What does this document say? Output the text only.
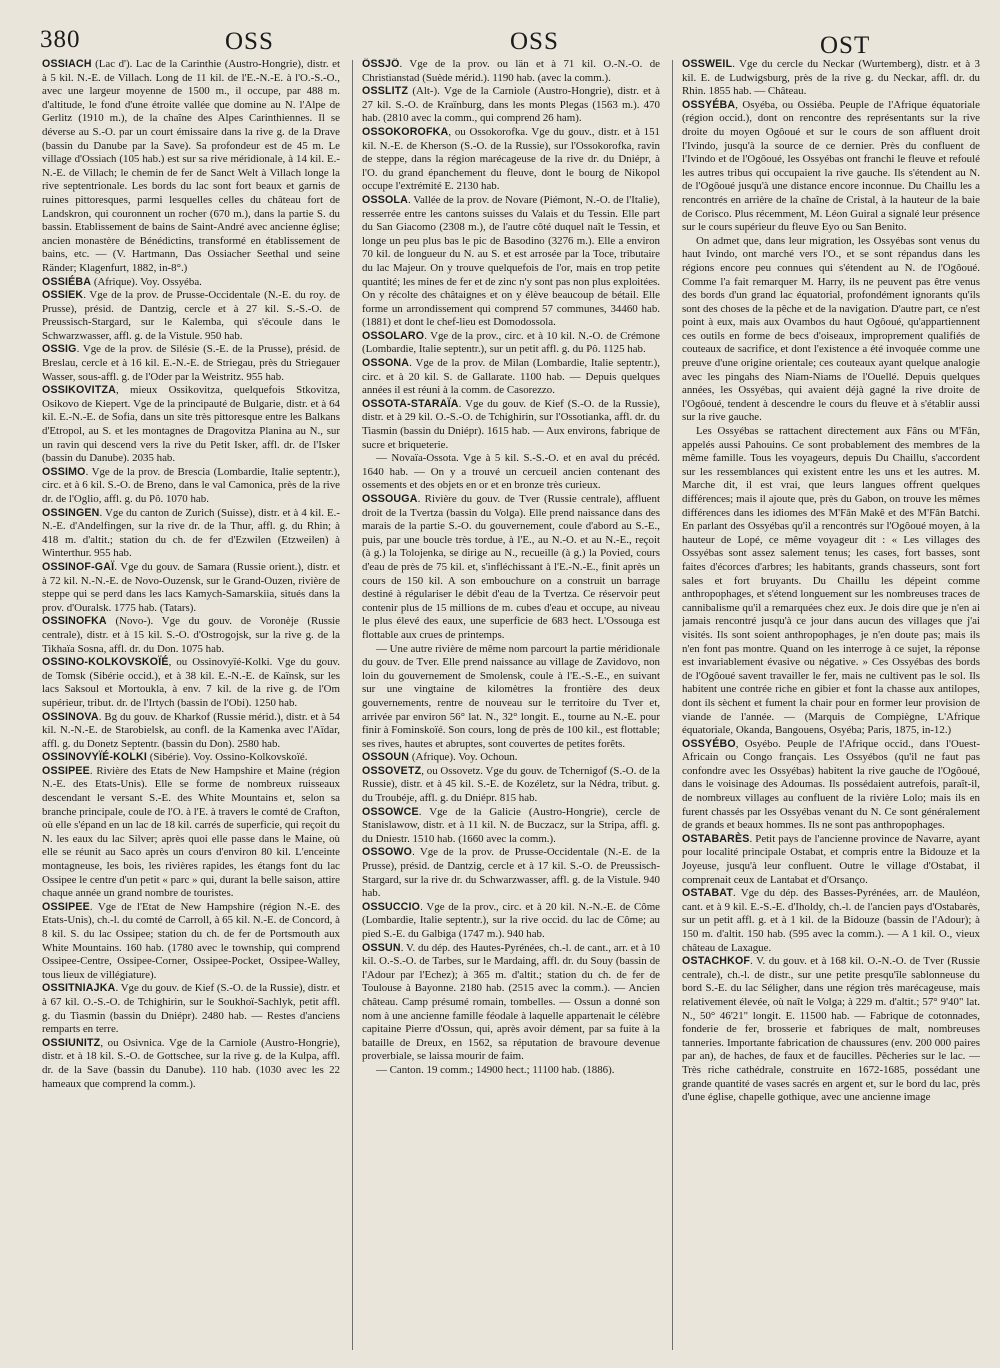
380	OSS	OSS	OST

OSSIACH (Lac d'). Lac de la Carinthie (Austro-Hongrie), distr. et à 5 kil. N.-E. de Villach. Long de 11 kil. de l'E.-N.-E. à l'O.-S.-O., avec une largeur moyenne de 1500 m., il occupe, par 488 m. d'altitude, le fond d'une étroite vallée que domine au N. l'Alpe de Gerlitz (1910 m.), de la chaîne des Alpes Carinthiennes. Il se déverse au S.-O. par un court émissaire dans la rive g. de la Drave (bassin du Danube par la Save). Sa profondeur est de 45 m. Le village d'Ossiach (105 hab.) est sur sa rive méridionale, à 14 kil. E.-N.-E. de Villach; le chemin de fer de Sanct Welt à Villach longe la rive septentrionale. Les bords du lac sont fort beaux et garnis de ruines pittoresques, parmi lesquelles celles du château fort de Landskron, qui couronnent un rocher (670 m.), dans la partie S. du bassin. Etablissement de bains de Saint-André avec ancienne église; ancien monastère de Bénédictins, transformé en établissement de bains, etc. — (V. Hartmann, Das Ossiacher Seethal und seine Ränder; Klagenfurt, 1882, in-8°.)

OSSIÉBA (Afrique). Voy. Ossyéba.

OSSIEK. Vge de la prov. de Prusse-Occidentale (N.-E. du roy. de Prusse), présid. de Dantzig, cercle et à 27 kil. S.-S.-O. de Preussisch-Stargard, sur le Kalemba, qui s'écoule dans le Schwarzwasser, affl. g. de la Vistule. 950 hab.

OSSIG. Vge de la prov. de Silésie (S.-E. de la Prusse), présid. de Breslau, cercle et à 16 kil. E.-N.-E. de Striegau, près du Striegauer Wasser, sous-affl. g. de l'Oder par la Weistritz. 955 hab.

OSSIKOVITZA, mieux Ossikovitza, quelquefois Stkovitza, Osikovo de Kiepert. Vge de la principauté de Bulgarie, distr. et à 64 kil. E.-N.-E. de Sofia, dans un site très pittoresque entre les Balkans d'Etropol, au S. et les montagnes de Dragovitza Planina au N., sur un ravin qui descend vers la rive du Petit Isker, affl. dr. de l'Isker (bassin du Danube). 2035 hab.

OSSIMO. Vge de la prov. de Brescia (Lombardie, Italie septentr.), circ. et à 6 kil. S.-O. de Breno, dans le val Camonica, près de la rive dr. de l'Oglio, affl. g. du Pô. 1070 hab.

OSSINGEN. Vge du canton de Zurich (Suisse), distr. et à 4 kil. E.-N.-E. d'Andelfingen, sur la rive dr. de la Thur, affl. g. du Rhin; à 418 m. d'altit.; station du ch. de fer d'Ezwilen (Etzweilen) à Winterthur. 955 hab.

OSSINOF-GAÏ. Vge du gouv. de Samara (Russie orient.), distr. et à 72 kil. N.-N.-E. de Novo-Ouzensk, sur le Grand-Ouzen, rivière de steppe qui se perd dans les lacs Kamych-Samarskiia, situés dans la prov. d'Ouralsk. 1775 hab. (Tatars).

OSSINOFKA (Novo-). Vge du gouv. de Voronèje (Russie centrale), distr. et à 15 kil. S.-O. d'Ostrogojsk, sur la rive g. de la Tikhaïa Sosna, affl. dr. du Don. 1075 hab.

OSSINO-KOLKOVSKOÏÉ, ou Ossinovyïé-Kolki. Vge du gouv. de Tomsk (Sibérie occid.), et à 38 kil. E.-N.-E. de Kaïnsk, sur les lacs Saksoul et Mortoukla, à env. 7 kil. de la rive g. de l'Om supérieur, tribut. dr. de l'Irtych (bassin de l'Obi). 1250 hab.

OSSINOVA. Bg du gouv. de Kharkof (Russie mérid.), distr. et à 54 kil. N.-N.-E. de Starobielsk, au confl. de la Kamenka avec l'Aïdar, affl. g. du Donetz Septentr. (bassin du Don). 2580 hab.

OSSINOVYÏÉ-KOLKI (Sibérie). Voy. Ossino-Kolkovskoïé.

OSSIPEE. Rivière des Etats de New Hampshire et Maine (région N.-E. des Etats-Unis). Elle se forme de nombreux ruisseaux descendant le versant S.-E. des White Mountains et, selon sa branche principale, coule de l'O. à l'E. à travers le comté de Crafton, où elle s'épand en un lac de 18 kil. carrés de superficie, qui reçoit du N. les eaux du lac Silver; après quoi elle passe dans le Maine, où elle se réunit au Saco après un cours d'environ 80 kil. L'enceinte montagneuse, les bois, les rivières rapides, les étangs font du lac Ossipee le centre d'un petit « parc » qui, durant la belle saison, attire chaque année un grand nombre de touristes.

OSSIPEE. Vge de l'Etat de New Hampshire (région N.-E. des Etats-Unis), ch.-l. du comté de Carroll, à 65 kil. N.-E. de Concord, à 8 kil. S. du lac Ossipee; station du ch. de fer de Portsmouth aux White Mountains. 160 hab. (1780 avec le township, qui comprend Ossipee-Centre, Ossipee-Corner, Ossipee-Pocket, Ossipee-Walley, tous lieux de villégiature).

OSSITNIAJKA. Vge du gouv. de Kief (S.-O. de la Russie), distr. et à 67 kil. O.-S.-O. de Tchighirin, sur le Soukhoï-Sachlyk, petit affl. g. du Tiasmin (bassin du Dniépr). 2480 hab. — Restes d'anciens remparts en terre.

OSSIUNITZ, ou Osivnica. Vge de la Carniole (Austro-Hongrie), distr. et à 18 kil. S.-O. de Gottschee, sur la rive g. de la Kulpa, affl. dr. de la Save (bassin du Danube). 110 hab. (1030 avec les 22 hameaux que comprend la comm.).

ÖSSJÖ. Vge de la prov. ou län et à 71 kil. O.-N.-O. de Christianstad (Suède mérid.). 1190 hab. (avec la comm.).

OSSLITZ (Alt-). Vge de la Carniole (Austro-Hongrie), distr. et à 27 kil. S.-O. de Kraïnburg, dans les monts Plegas (1563 m.). 470 hab. (2810 avec la comm., qui comprend 26 ham).

OSSOKOROFKA, ou Ossokorofka. Vge du gouv., distr. et à 151 kil. N.-E. de Kherson (S.-O. de la Russie), sur l'Ossokorofka, ravin de steppe, dans la région marécageuse de la rive dr. du Dniépr, à l'O. du grand épanchement du fleuve, dont le bourg de Nikopol occupe l'extrémité E. 2130 hab.

OSSOLA. Vallée de la prov. de Novare (Piémont, N.-O. de l'Italie), resserrée entre les cantons suisses du Valais et du Tessin. Elle part du San Giacomo (2308 m.), de l'autre côté duquel naît le Tessin, et longe un peu plus bas le pic de Basodino (3276 m.). Elle a environ 70 kil. de longueur du N. au S. et est arrosée par la Toce, tributaire du lac Majeur. On y trouve quelquefois de l'or, mais en trop petite quantité; les mines de fer et de zinc n'y sont pas non plus exploitées. On y récolte des châtaignes et on y élève beaucoup de bétail. Elle forme un arrondissement qui comprend 57 communes, 34460 hab. (1881) et dont le chef-lieu est Domodossola.

OSSOLARO. Vge de la prov., circ. et à 10 kil. N.-O. de Crémone (Lombardie, Italie septentr.), sur un petit affl. g. du Pô. 1125 hab.

OSSONA. Vge de la prov. de Milan (Lombardie, Italie septentr.), circ. et à 20 kil. S. de Gallarate. 1100 hab. — Depuis quelques années il est réuni à la comm. de Casorezzo.

OSSOTA-STARAÏA. Vge du gouv. de Kief (S.-O. de la Russie), distr. et à 29 kil. O.-S.-O. de Tchighirin, sur l'Ossotianka, affl. dr. du Tiasmin (bassin du Dniépr). 1615 hab. — Aux environs, fabrique de sucre et briqueterie.

— Novaïa-Ossota. Vge à 5 kil. S.-S.-O. et en aval du précéd. 1640 hab. — On y a trouvé un cercueil ancien contenant des ossements et des objets en or et en bronze très curieux.

OSSOUGA. Rivière du gouv. de Tver (Russie centrale), affluent droit de la Tvertza (bassin du Volga). Elle prend naissance dans des marais de la partie S.-O. du gouvernement, coule d'abord au S.-E., puis, par une boucle très tordue, à l'E., au N.-O. et au N.-E., reçoit (à g.) la Tolojenka, se dirige au N., recueille (à g.) la Povied, cours d'eau de près de 75 kil. et, s'infléchissant à l'E.-N.-E., finit après un cours de 150 kil. A son embouchure on a construit un barrage destiné à régulariser le débit d'eau de la Tvertza. Ce réservoir peut contenir plus de 15 millions de m. cubes d'eau et occupe, au niveau le plus élevé des eaux, une superficie de 683 hect. L'Ossouga est flottable aux crues de printemps.

— Une autre rivière de même nom parcourt la partie méridionale du gouv. de Tver. Elle prend naissance au village de Zavidovo, non loin du gouvernement de Smolensk, coule à l'E.-S.-E., en suivant sur une vingtaine de kilomètres la frontière des deux gouvernements, rentre de nouveau sur le territoire du Tver et, arrivée par environ 56° lat. N., 32° longit. E., tourne au N.-E. pour finir à Fominskoïé. Son cours, long de près de 100 kil., est flottable; ses rives, hautes et abruptes, sont couvertes de petites forêts.

OSSOUN (Afrique). Voy. Ochoun.

OSSOVETZ, ou Ossovetz. Vge du gouv. de Tchernigof (S.-O. de la Russie), distr. et à 45 kil. S.-E. de Kozéletz, sur la Nédra, tribut. g. du Troubéje, affl. g. du Dniépr. 815 hab.

OSSOWCE. Vge de la Galicie (Austro-Hongrie), cercle de Stanislawow, distr. et à 11 kil. N. de Buczacz, sur la Stripa, affl. g. du Dniestr. 1510 hab. (1660 avec la comm.).

OSSOWO. Vge de la prov. de Prusse-Occidentale (N.-E. de la Prusse), présid. de Dantzig, cercle et à 17 kil. S.-O. de Preussisch-Stargard, sur la rive dr. du Schwarzwasser, affl. g. de la Vistule. 940 hab.

OSSUCCIO. Vge de la prov., circ. et à 20 kil. N.-N.-E. de Côme (Lombardie, Italie septentr.), sur la rive occid. du lac de Côme; au pied S.-E. du Galbiga (1747 m.). 940 hab.

OSSUN. V. du dép. des Hautes-Pyrénées, ch.-l. de cant., arr. et à 10 kil. O.-S.-O. de Tarbes, sur le Mardaing, affl. dr. du Souy (bassin de l'Adour par l'Echez); à 365 m. d'altit.; station du ch. de fer de Toulouse à Bayonne. 2180 hab. (2515 avec la comm.). — Ancien château. Camp présumé romain, tombelles. — Ossun a donné son nom à une ancienne famille féodale à laquelle appartenait le célèbre capitaine Pierre d'Ossun, qui, après avoir dément, par sa fuite à la bataille de Dreux, en 1562, sa réputation de bravoure devenue proverbiale, se laissa mourir de faim.

— Canton. 19 comm.; 14900 hect.; 11100 hab. (1886).

OSSWEIL. Vge du cercle du Neckar (Wurtemberg), distr. et à 3 kil. E. de Ludwigsburg, près de la rive g. du Neckar, affl. dr. du Rhin. 1855 hab. — Château.

OSSYÉBA, Osyéba, ou Ossiéba. Peuple de l'Afrique équatoriale (région occid.), dont on rencontre des représentants sur la rive droite du moyen Ogôoué et sur le cours de son affluent droit l'Ivindo, jusqu'à la source de ce dernier. Près du confluent de l'Ivindo et de l'Ogôoué, les Ossyébas ont franchi le fleuve et refoulé les autres tribus qui occupaient la rive gauche. Ils s'étendent au N. de l'Ogôoué jusqu'à une distance encore inconnue. Du Chaillu les a rencontrés en arrière de la chaîne de Cristal, à la hauteur de la baie de Corisco. Plus récemment, M. Léon Guiral a signalé leur présence sur le cours supérieur du fleuve Eyo ou San Benito.

On admet que, dans leur migration, les Ossyébas sont venus du haut Ivindo, ont marché vers l'O., et se sont répandus dans les régions encore peu connues qui s'étendent au N. de l'Ogôoué. Comme l'a fait remarquer M. Harry, ils ne peuvent pas être venus des bords d'un grand lac équatorial, profondément ignorants qu'ils sont des choses de la pêche et de la navigation. D'autre part, ce n'est point à eux, mais aux Ovambos du haut Ogôoué, qu'appartiennent ces outils en forme de becs d'oiseaux, improprement qualifiés de couteaux de sacrifice, et dont l'existence a été invoquée comme une preuve d'une origine orientale; ces couteaux ayant quelque analogie avec les pingahs des Niam-Niams de l'Ouellé. Depuis quelques années, les Ossyébas, qui avaient déjà gagné la rive droite de l'Ogôoué, tendent à descendre le cours du fleuve et à s'établir aussi sur la rive gauche.

Les Ossyébas se rattachent directement aux Fâns ou M'Fân, appelés aussi Pahouins. Ce sont probablement des membres de la même famille. Tous les voyageurs, depuis Du Chaillu, s'accordent sur les ressemblances qui existent entre les uns et les autres. M. Marche dit, il est vrai, que leurs langues offrent quelques différences; mais il ajoute que, près du Gabon, on trouve les mêmes différences dans les idiomes des M'Fân Makê et des M'Fân Batchi. En parlant des Ossyébas qu'il a rencontrés sur l'Ogôoué moyen, à la hauteur de Lopé, ce même voyageur dit : « Les villages des Ossyébas sont assez salement tenus; les cases, fort basses, sont faites d'écorces d'arbres; les habitants, grands chasseurs, sont fort sales et fort bruyants. Du Chaillu les dépeint comme anthropophages, et s'étend longuement sur les nombreuses traces de cannibalisme qu'il a remarquées chez eux. Je dois dire que je n'en ai jamais rencontré jusqu'à ce jour dans aucun des villages que j'ai visités. Ils sont soient anthropophages, je n'en doute pas; mais ils n'en font pas montre. Quand on les interroge à ce sujet, la réponse est invariablement évasive ou négative. » Ces Ossyébas des bords de l'Ogôoué savent travailler le fer, mais ne cultivent pas le sol. Ils habitent une contrée riche en gibier et font la chasse aux antilopes, dont ils sèchent et fument la chair pour en former leur provision de viande de l'année. — (Marquis de Compiègne, L'Afrique équatoriale, Okanda, Bangouens, Osyéba; Paris, 1875, in-12.)

OSSYÉBO, Osyébo. Peuple de l'Afrique occid., dans l'Ouest-Africain ou Congo français. Les Ossyébos (qu'il ne faut pas confondre avec les Ossyébas) habitent la rive gauche de l'Ogôoué, dans le voisinage des Adoumas. Ils possédaient autrefois, paraît-il, de nombreux villages au confluent de la rivière Lolo; mais ils en furent chassés par les Ossyébas venant du N. Ce sont généralement de grands et beaux hommes. Ils ne sont pas anthropophages.

OSTABARÈS. Petit pays de l'ancienne province de Navarre, ayant pour localité principale Ostabat, et compris entre la Bidouze et la Joyeuse, jusqu'à leur confluent. Outre le village d'Ostabat, il comprenait ceux de Lantabat et d'Orsanço.

OSTABAT. Vge du dép. des Basses-Pyrénées, arr. de Mauléon, cant. et à 9 kil. E.-S.-E. d'Iholdy, ch.-l. de l'ancien pays d'Ostabarès, sur un petit affl. g. et à 1 kil. de la Bidouze (bassin de l'Adour); à 150 m. d'altit. 150 hab. (595 avec la comm.). — A 1 kil. O., vieux château de Laxague.

OSTACHKOF. V. du gouv. et à 168 kil. O.-N.-O. de Tver (Russie centrale), ch.-l. de distr., sur une petite presqu'île sablonneuse du bord S.-E. du lac Séligher, dans une région très marécageuse, mais relativement élevée, où naît le Volga; à 229 m. d'altit.; 57° 9'40" lat. N., 50° 46'21" longit. E. 11500 hab. — Fabrique de cotonnades, fonderie de fer, brosserie et fabriques de malt, nombreuses tanneries. Importante fabrication de chaussures (env. 200 000 paires par an), de haches, de faux et de faucilles. Pêcheries sur le lac. — Très riche cathédrale, construite en 1672-1685, possédant une grande quantité de vases sacrés en argent et, sur le bord du lac, près d'une église, chapelle gothique, avec une ancienne image
